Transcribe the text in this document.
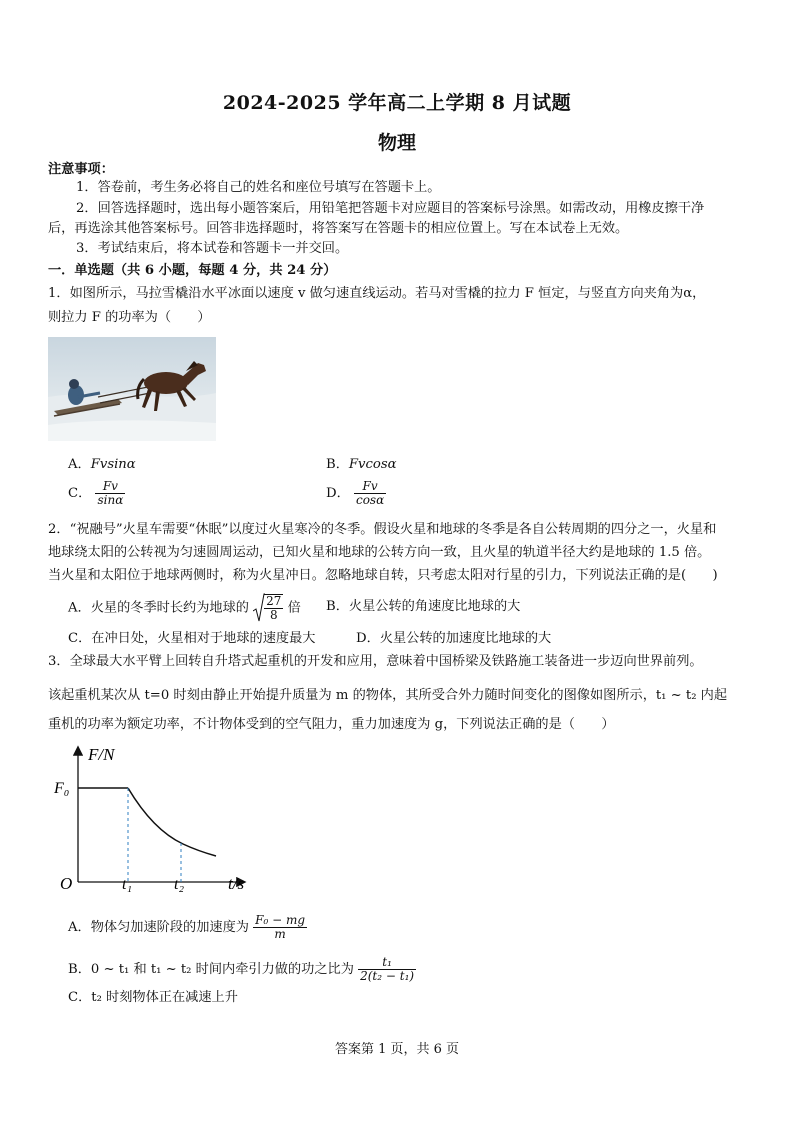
2024-2025 学年高二上学期 8 月试题
物理
注意事项：
1．答卷前，考生务必将自己的姓名和座位号填写在答题卡上。
2．回答选择题时，选出每小题答案后，用铅笔把答题卡对应题目的答案标号涂黑。如需改动，用橡皮擦干净
后，再选涂其他答案标号。回答非选择题时，将答案写在答题卡的相应位置上。写在本试卷上无效。
3．考试结束后，将本试卷和答题卡一并交回。
一．单选题（共 6 小题，每题 4 分，共 24 分）
1．如图所示，马拉雪橇沿水平冰面以速度 v 做匀速直线运动。若马对雪橇的拉力 F 恒定，与竖直方向夹角为α，
则拉力 F 的功率为（　　）
A．Fvsinα	B．Fvcosα
C． $\frac{Fv}{\sin\alpha}$	D． $\frac{Fv}{\cos\alpha}$
2．“祝融号”火星车需要“休眠”以度过火星寒冷的冬季。假设火星和地球的冬季是各自公转周期的四分之一，火星和
地球绕太阳的公转视为匀速圆周运动，已知火星和地球的公转方向一致，且火星的轨道半径大约是地球的 1.5 倍。
当火星和太阳位于地球两侧时，称为火星冲日。忽略地球自转，只考虑太阳对行星的引力，下列说法正确的是(　　)
A．火星的冬季时长约为地球的 $\frac{27}{8}$ 倍 B．火星公转的角速度比地球的大
C．在冲日处，火星相对于地球的速度最大	D．火星公转的加速度比地球的大
3．全球最大水平臂上回转自升塔式起重机的开发和应用，意味着中国桥梁及铁路施工装备进一步迈向世界前列。
该起重机某次从 t=0 时刻由静止开始提升质量为 m 的物体，其所受合外力随时间变化的图像如图所示，t₁ ~ t₂ 内起
重机的功率为额定功率，不计物体受到的空气阻力，重力加速度为 g，下列说法正确的是（　　）
F/N
t/s
O
F₀
t₁	t₂
A．物体匀加速阶段的加速度为 $\frac{\text{F₀ − mg}}{m}$
B．0 ~ t₁ 和 t₁ ~ t₂ 时间内牵引力做的功之比为 $\frac{\text{t₁}}{\text{2(t₂ − t₁)}}$
C．t₂ 时刻物体正在减速上升
答案第 1 页，共 6 页
